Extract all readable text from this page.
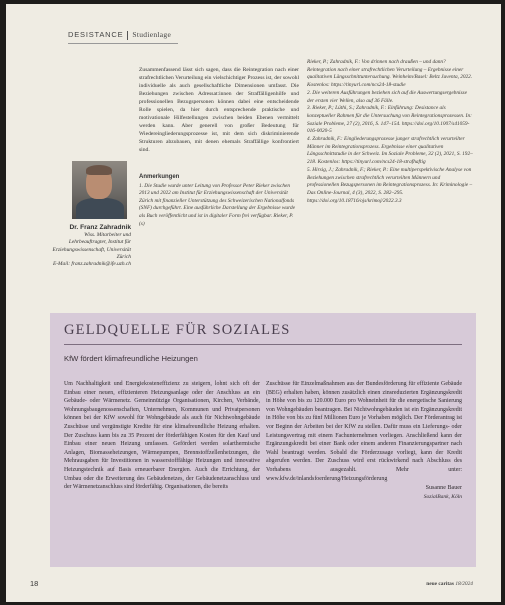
DESISTANCE Studienlage

Zusammenfassend lässt sich sagen, dass die Reintegration nach einer strafrechtlichen Verurteilung ein vielschichtiger Prozess ist, der sowohl individuelle als auch gesellschaftliche Dimensionen umfasst. Die Beziehungen zwischen Adressat:innen der Straffälligenhilfe und professionellen Bezugspersonen können dabei eine entscheidende Rolle spielen, da hier durch entsprechende praktische und motivationale Hilfestellungen zwischen beiden Ebenen vermittelt werden kann. Aber generell von großer Bedeutung für Wiedereingliederungsprozesse ist, mit dem sich diskriminierende Strukturen abzubauen, mit denen ehemals Straffällige konfrontiert sind.

Anmerkungen

1. Die Studie wurde unter Leitung von Professor Peter Rieker zwischen 2013 und 2022 am Institut für Erziehungswissenschaft der Universität Zürich mit finanzieller Unterstützung des Schweizerischen Nationalfonds (SNF) durchgeführt. Eine ausführliche Darstellung der Ergebnisse wurde als Buch veröffentlicht und ist in digitaler Form frei verfügbar. Rieker, P. (s)

Rieker, P.; Zahradnik, F.: Von drinnen nach draußen – und dann? Reintegration nach einer strafrechtlichen Verurteilung – Ergebnisse einer qualitativen Längsschnittuntersuchung. Weinheim/Basel: Beltz Juventa, 2022. Kostenlos: https://tinyurl.com/ncs24-18-studie

2. Die weiteren Ausführungen beziehen sich auf die Auswertungsergebnisse der ersten vier Wellen, also auf 36 Fälle.

3. Rieker, P.; Lüthi, S.; Zahradnik, F.: Einführung: Desistance als konzeptueller Rahmen für die Untersuchung von Reintegrationsprozessen. In: Soziale Probleme, 27 (2), 2016, S. 147–154. https://doi.org/10.1007/s41059-016-0020-5

4. Zahradnik, F.: Eingliederungsprozesse junger strafrechtlich verurteilter Männer im Reintegrationsprozess. Ergebnisse einer qualitativen Längsschnittstudie in der Schweiz. Im Soziale Probleme, 32 (2), 2021, S. 192–218. Kostenlos: https://tinyurl.com/ncs24-18-strafhaftig

5. Hirsig, J.; Zahradnik, F.; Rieker, P.: Eine multiperspektivische Analyse von Beziehungen zwischen strafrechtlich verurteilten Männern und professionellen Bezugspersonen im Reintegrationsprozess. In: Kriminologie – Das Online-Journal, 4 (3), 2022, S. 282–295. https://doi.org/10.18716/ojs/krimoj/2022.3.3

Dr. Franz Zahradnik
Wiss. Mitarbeiter und Lehrbeauftragter, Institut für Erziehungswissenschaft, Universität Zürich
E-Mail: franz.zahradnik@ife.uzh.ch
GELDQUELLE FÜR SOZIALES
KfW fördert klimafreundliche Heizungen

Um Nachhaltigkeit und Energiekosteneffizienz zu steigern, lohnt sich oft der Einbau einer neuen, effizienteren Heizungsanlage oder der Anschluss an ein Gebäude- oder Wärmenetz. Gemeinnützige Organisationen, Kirchen, Verbände, Wohnungsbaugenossenschaften, Unternehmen, Kommunen und Privatpersonen können bei der KfW sowohl für Wohngebäude als auch für Nichtwohngebäude Zuschüsse und vergünstigte Kredite für eine klimafreundliche Heizung erhalten. Der Zuschuss kann bis zu 35 Prozent der förderfähigen Kosten für den Kauf und Einbau einer neuen Heizung umfassen. Gefördert werden solarthermische Anlagen, Biomasseheizungen, Wärmepumpen, Brennstoffzellenheizungen, die Mehrausgaben für Investitionen in wasserstofffähige Heizungen und innovative Heizungstechnik auf Basis erneuerbarer Energien. Auch die Errichtung, der Umbau oder die Erweiterung des Gebäudenetzes, der Gebäudenetzanschluss und der Wärmenetzanschluss sind förderfähig. Organisationen, die bereits

Zuschüsse für Einzelmaßnahmen aus der Bundesförderung für effiziente Gebäude (BEG) erhalten haben, können zusätzlich einen zinsreduzierten Ergänzungskredit in Höhe von bis zu 120.000 Euro pro Wohneinheit für die energetische Sanierung von Wohngebäuden beantragen. Bei Nichtwohngebäuden ist ein Ergänzungskredit in Höhe von bis zu fünf Millionen Euro je Vorhaben möglich. Der Förderantrag ist vor Beginn der Arbeiten bei der KfW zu stellen. Dafür muss ein Lieferungs- oder Leistungsvertrag mit einem Fachunternehmen vorliegen. Anschließend kann der Ergänzungskredit bei einer Bank oder einem anderen Finanzierungspartner nach Wahl beantragt werden. Sobald die Förderzusage vorliegt, kann der Kredit abgerufen werden. Der Zuschuss wird erst rückwirkend nach Abschluss des Vorhabens ausgezahlt. Mehr unter: www.kfw.de/inlandsfoerderung/Heizungsförderung

Susanne Bauer

SozialBank, Köln

18	neue caritas 18/2024
